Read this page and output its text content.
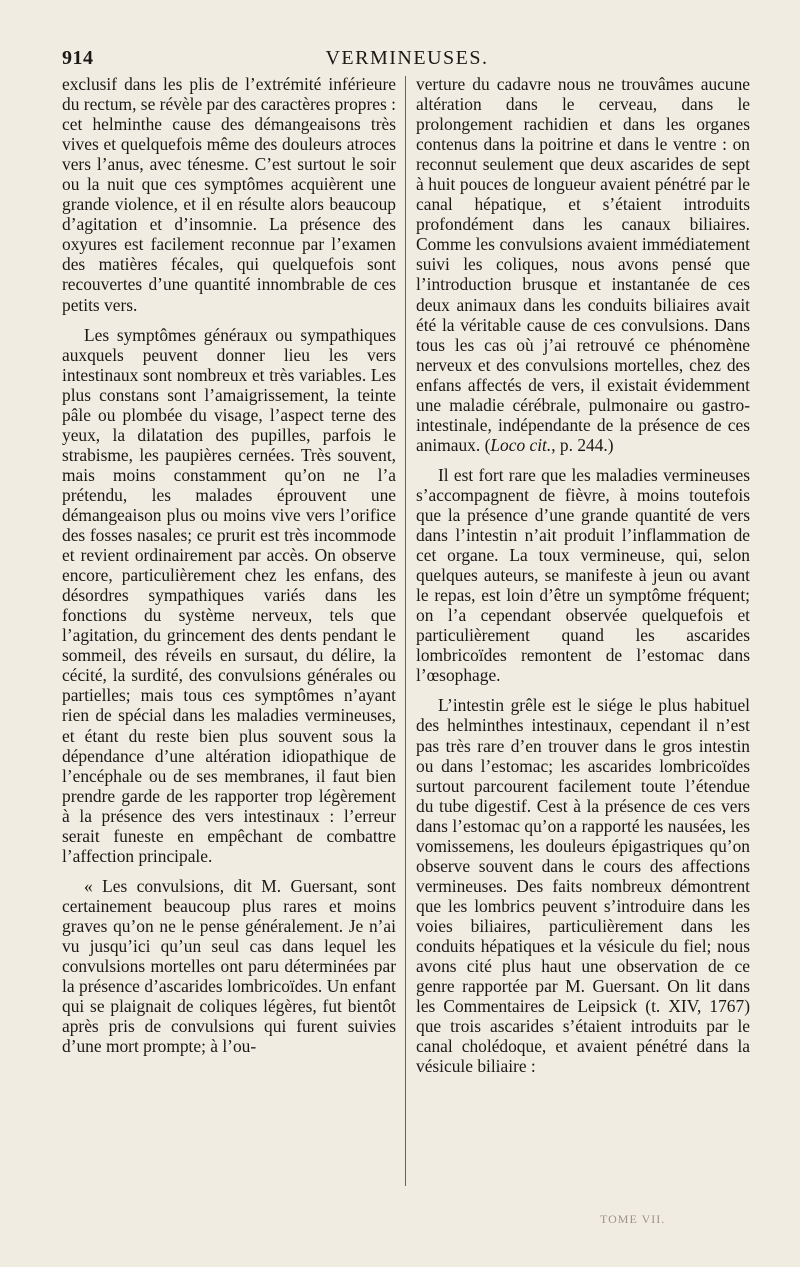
914	VERMINEUSES.

exclusif dans les plis de l’extrémité inférieure du rectum, se révèle par des caractères propres : cet helminthe cause des démangeaisons très vives et quelquefois même des douleurs atroces vers l’anus, avec ténesme. C’est surtout le soir ou la nuit que ces symptômes acquièrent une grande violence, et il en résulte alors beaucoup d’agitation et d’insomnie. La présence des oxyures est facilement reconnue par l’examen des matières fécales, qui quelquefois sont recouvertes d’une quantité innombrable de ces petits vers.

Les symptômes généraux ou sympathiques auxquels peuvent donner lieu les vers intestinaux sont nombreux et très variables. Les plus constans sont l’amaigrissement, la teinte pâle ou plombée du visage, l’aspect terne des yeux, la dilatation des pupilles, parfois le strabisme, les paupières cernées. Très souvent, mais moins constamment qu’on ne l’a prétendu, les malades éprouvent une démangeaison plus ou moins vive vers l’orifice des fosses nasales; ce prurit est très incommode et revient ordinairement par accès. On observe encore, particulièrement chez les enfans, des désordres sympathiques variés dans les fonctions du système nerveux, tels que l’agitation, du grincement des dents pendant le sommeil, des réveils en sursaut, du délire, la cécité, la surdité, des convulsions générales ou partielles; mais tous ces symptômes n’ayant rien de spécial dans les maladies vermineuses, et étant du reste bien plus souvent sous la dépendance d’une altération idiopathique de l’encéphale ou de ses membranes, il faut bien prendre garde de les rapporter trop légèrement à la présence des vers intestinaux : l’erreur serait funeste en empêchant de combattre l’affection principale.

« Les convulsions, dit M. Guersant, sont certainement beaucoup plus rares et moins graves qu’on ne le pense généralement. Je n’ai vu jusqu’ici qu’un seul cas dans lequel les convulsions mortelles ont paru déterminées par la présence d’ascarides lombricoïdes. Un enfant qui se plaignait de coliques légères, fut bientôt après pris de convulsions qui furent suivies d’une mort prompte; à l’ou-

verture du cadavre nous ne trouvâmes aucune altération dans le cerveau, dans le prolongement rachidien et dans les organes contenus dans la poitrine et dans le ventre : on reconnut seulement que deux ascarides de sept à huit pouces de longueur avaient pénétré par le canal hépatique, et s’étaient introduits profondément dans les canaux biliaires. Comme les convulsions avaient immédiatement suivi les coliques, nous avons pensé que l’introduction brusque et instantanée de ces deux animaux dans les conduits biliaires avait été la véritable cause de ces convulsions. Dans tous les cas où j’ai retrouvé ce phénomène nerveux et des convulsions mortelles, chez des enfans affectés de vers, il existait évidemment une maladie cérébrale, pulmonaire ou gastro-intestinale, indépendante de la présence de ces animaux. (Loco cit., p. 244.)

Il est fort rare que les maladies vermineuses s’accompagnent de fièvre, à moins toutefois que la présence d’une grande quantité de vers dans l’intestin n’ait produit l’inflammation de cet organe. La toux vermineuse, qui, selon quelques auteurs, se manifeste à jeun ou avant le repas, est loin d’être un symptôme fréquent; on l’a cependant observée quelquefois et particulièrement quand les ascarides lombricoïdes remontent de l’estomac dans l’œsophage.

L’intestin grêle est le siége le plus habituel des helminthes intestinaux, cependant il n’est pas très rare d’en trouver dans le gros intestin ou dans l’estomac; les ascarides lombricoïdes surtout parcourent facilement toute l’étendue du tube digestif. Cest à la présence de ces vers dans l’estomac qu’on a rapporté les nausées, les vomissemens, les douleurs épigastriques qu’on observe souvent dans le cours des affections vermineuses. Des faits nombreux démontrent que les lombrics peuvent s’introduire dans les voies biliaires, particulièrement dans les conduits hépatiques et la vésicule du fiel; nous avons cité plus haut une observation de ce genre rapportée par M. Guersant. On lit dans les Commentaires de Leipsick (t. XIV, 1767) que trois ascarides s’étaient introduits par le canal cholédoque, et avaient pénétré dans la vésicule biliaire :

TOME VII.
